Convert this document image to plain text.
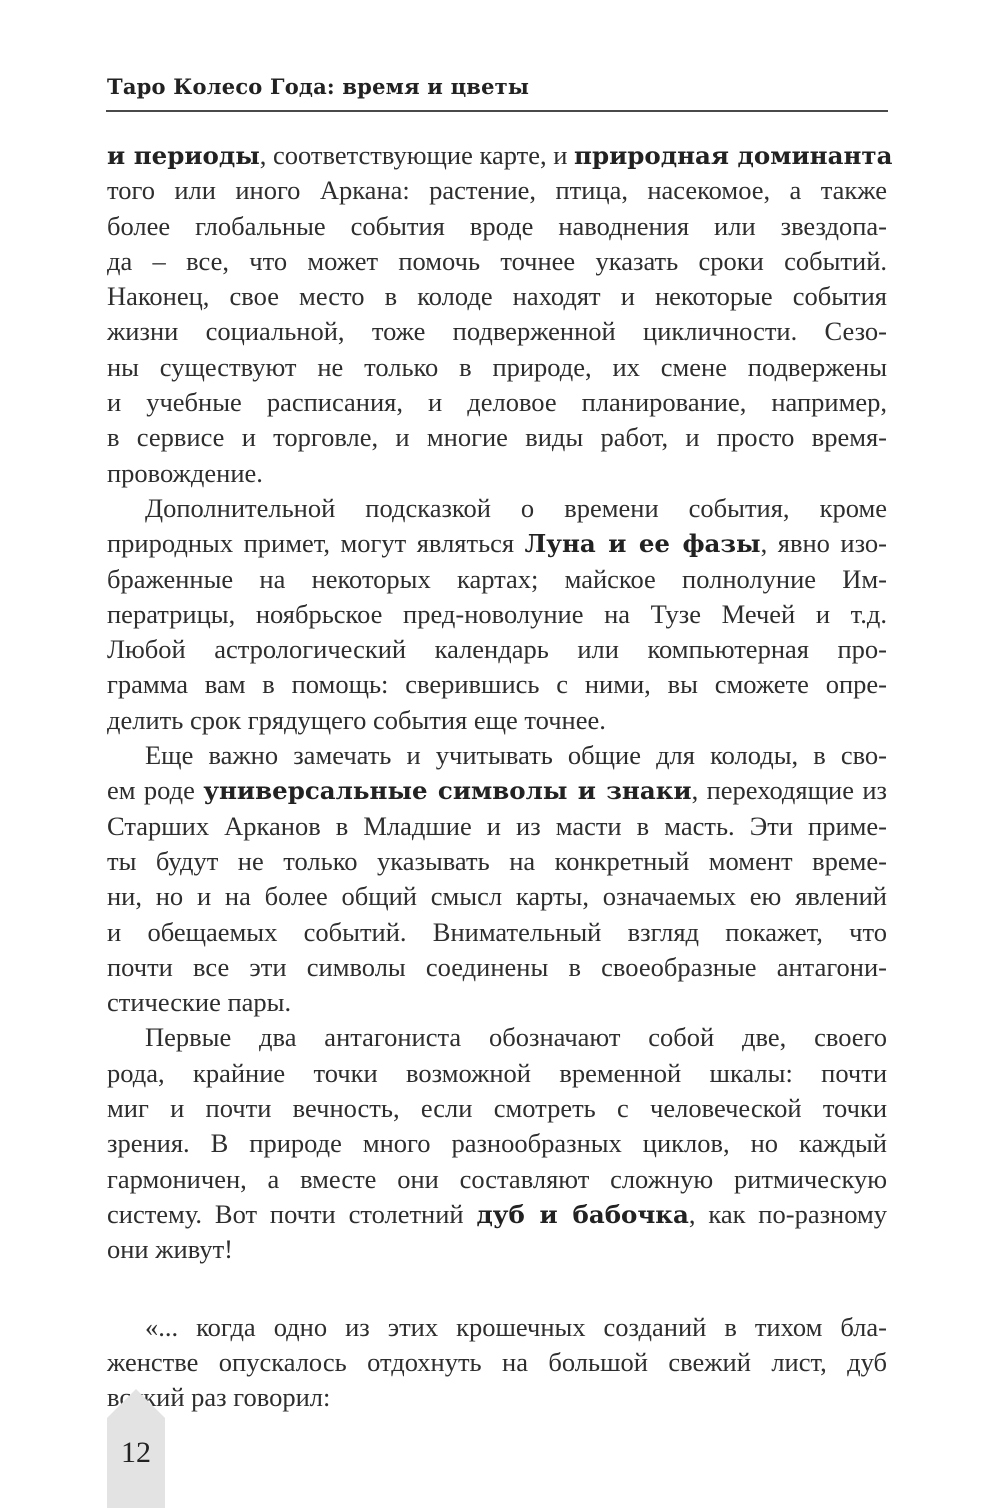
Таро Колесо Года: время и цветы
и периоды, соответствующие карте, и природная доминанта
того или иного Аркана: растение, птица, насекомое, а также
более глобальные события вроде наводнения или звездопа-
да – все, что может помочь точнее указать сроки событий.
Наконец, свое место в колоде находят и некоторые события
жизни социальной, тоже подверженной цикличности. Сезо-
ны существуют не только в природе, их смене подвержены
и учебные расписания, и деловое планирование, например,
в сервисе и торговле, и многие виды работ, и просто время-
провождение.
Дополнительной подсказкой о времени события, кроме
природных примет, могут являться Луна и ее фазы, явно изо-
браженные на некоторых картах; майское полнолуние Им-
ператрицы, ноябрьское пред-новолуние на Тузе Мечей и т.д.
Любой астрологический календарь или компьютерная про-
грамма вам в помощь: сверившись с ними, вы сможете опре-
делить срок грядущего события еще точнее.
Еще важно замечать и учитывать общие для колоды, в сво-
ем роде универсальные символы и знаки, переходящие из
Старших Арканов в Младшие и из масти в масть. Эти приме-
ты будут не только указывать на конкретный момент време-
ни, но и на более общий смысл карты, означаемых ею явлений
и обещаемых событий. Внимательный взгляд покажет, что
почти все эти символы соединены в своеобразные антагони-
стические пары.
Первые два антагониста обозначают собой две, своего
рода, крайние точки возможной временной шкалы: почти
миг и почти вечность, если смотреть с человеческой точки
зрения. В природе много разнообразных циклов, но каждый
гармоничен, а вместе они составляют сложную ритмическую
систему. Вот почти столетний дуб и бабочка, как по-разному
они живут!
«... когда одно из этих крошечных созданий в тихом бла-
женстве опускалось отдохнуть на большой свежий лист, дуб
всякий раз говорил:
12
